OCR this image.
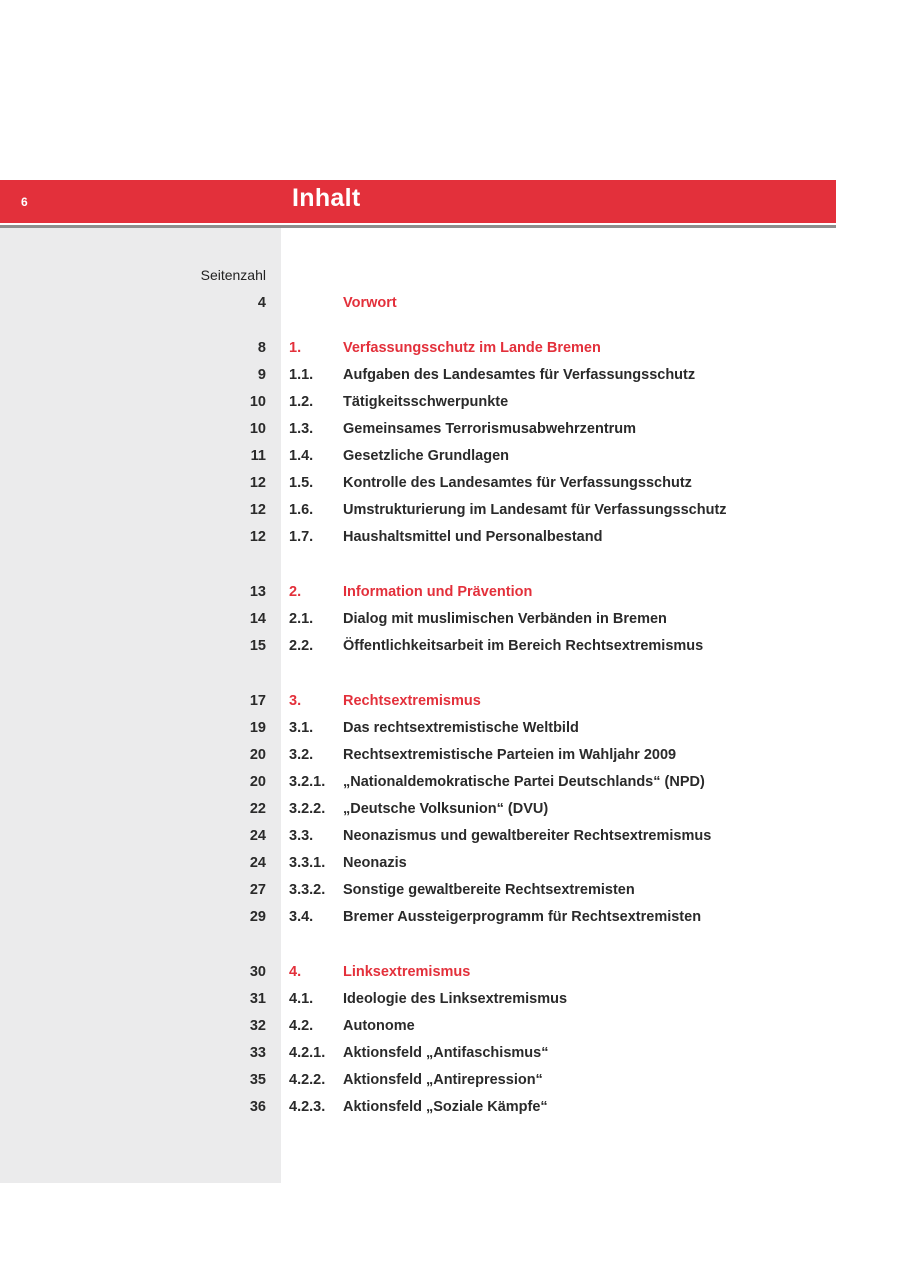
6	Inhalt
Seitenzahl
4	Vorwort
8 1.	Verfassungsschutz im Lande Bremen
9 1.1. Aufgaben des Landesamtes für Verfassungsschutz
10 1.2. Tätigkeitsschwerpunkte
10 1.3. Gemeinsames Terrorismusabwehrzentrum
11 1.4. Gesetzliche Grundlagen
12 1.5. Kontrolle des Landesamtes für Verfassungsschutz
12 1.6. Umstrukturierung im Landesamt für Verfassungsschutz
12 1.7. Haushaltsmittel und Personalbestand
13 2.	Information und Prävention
14 2.1. Dialog mit muslimischen Verbänden in Bremen
15 2.2. Öffentlichkeitsarbeit im Bereich Rechtsextremismus
17 3.	Rechtsextremismus
19 3.1. Das rechtsextremistische Weltbild
20 3.2. Rechtsextremistische Parteien im Wahljahr 2009
20 3.2.1. „Nationaldemokratische Partei Deutschlands“ (NPD)
22 3.2.2. „Deutsche Volksunion“ (DVU)
24 3.3. Neonazismus und gewaltbereiter Rechtsextremismus
24 3.3.1. Neonazis
27 3.3.2. Sonstige gewaltbereite Rechtsextremisten
29 3.4. Bremer Aussteigerprogramm für Rechtsextremisten
30 4.	Linksextremismus
31 4.1. Ideologie des Linksextremismus
32 4.2. Autonome
33 4.2.1. Aktionsfeld „Antifaschismus“
35 4.2.2. Aktionsfeld „Antirepression“
36 4.2.3. Aktionsfeld „Soziale Kämpfe“
